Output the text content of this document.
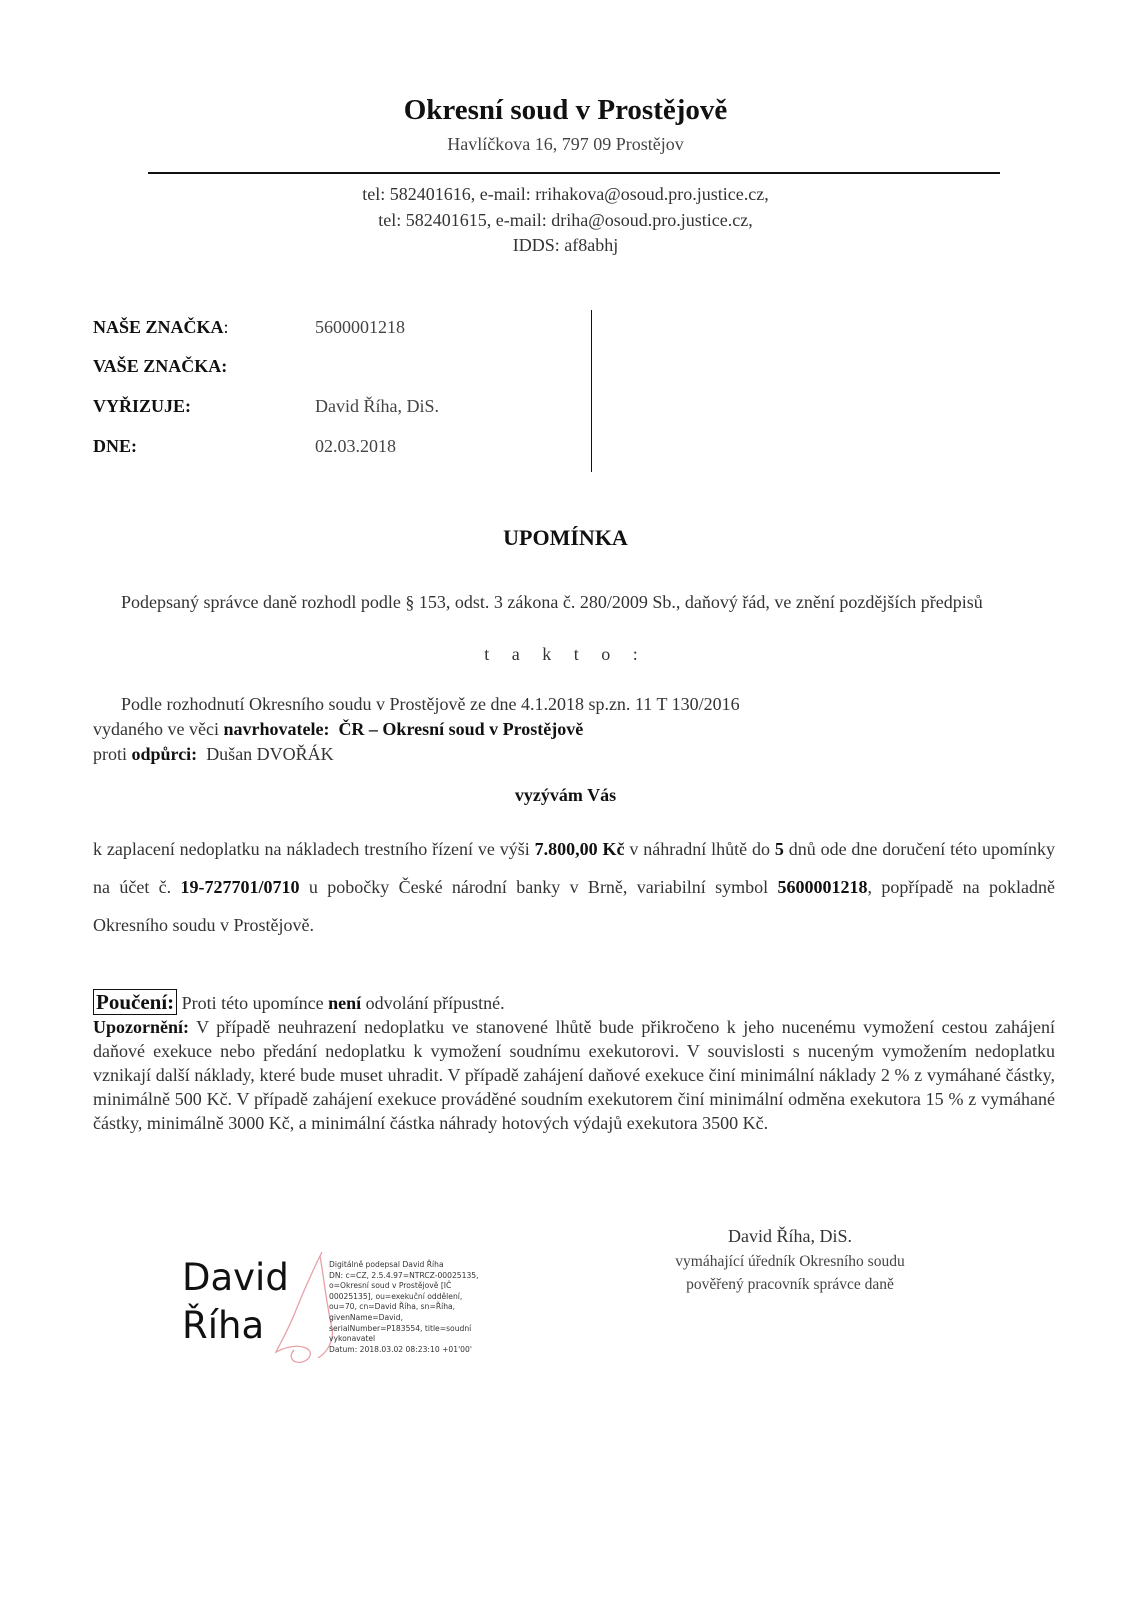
Okresní soud v Prostějově
Havlíčkova 16, 797 09 Prostějov
tel: 582401616, e-mail: rrihakova@osoud.pro.justice.cz,
tel: 582401615, e-mail: driha@osoud.pro.justice.cz,
IDDS: af8abhj
NAŠE ZNAČKA:	5600001218
VAŠE ZNAČKA:
VYŘIZUJE:	David Říha, DiS.
DNE:	02.03.2018
UPOMÍNKA
Podepsaný správce daně rozhodl podle § 153, odst. 3 zákona č. 280/2009 Sb., daňový řád, ve znění pozdějších předpisů
t a k t o :
Podle rozhodnutí Okresního soudu v Prostějově ze dne 4.1.2018 sp.zn. 11 T 130/2016
vydaného ve věci navrhovatele: ČR – Okresní soud v Prostějově
proti odpůrci: Dušan DVOŘÁK
vyzývám Vás
k zaplacení nedoplatku na nákladech trestního řízení ve výši 7.800,00 Kč v náhradní lhůtě do 5 dnů ode dne doručení této upomínky na účet č. 19-727701/0710 u pobočky České národní banky v Brně, variabilní symbol 5600001218, popřípadě na pokladně Okresního soudu v Prostějově.
Poučení: Proti této upomínce není odvolání přípustné.
Upozornění: V případě neuhrazení nedoplatku ve stanovené lhůtě bude přikročeno k jeho nucenému vymožení cestou zahájení daňové exekuce nebo předání nedoplatku k vymožení soudnímu exekutorovi. V souvislosti s nuceným vymožením nedoplatku vznikají další náklady, které bude muset uhradit. V případě zahájení daňové exekuce činí minimální náklady 2 % z vymáhané částky, minimálně 500 Kč. V případě zahájení exekuce prováděné soudním exekutorem činí minimální odměna exekutora 15 % z vymáhané částky, minimálně 3000 Kč, a minimální částka náhrady hotových výdajů exekutora 3500 Kč.
David Říha, DiS.
vymáhající úředník Okresního soudu
pověřený pracovník správce daně
David
Říha
Digitálně podepsal David Říha
DN: c=CZ, 2.5.4.97=NTRCZ-00025135,
o=Okresní soud v Prostějově [IČ
00025135], ou=exekuční oddělení,
ou=70, cn=David Říha, sn=Říha,
givenName=David,
serialNumber=P183554, title=soudní
vykonavatel
Datum: 2018.03.02 08:23:10 +01'00'
